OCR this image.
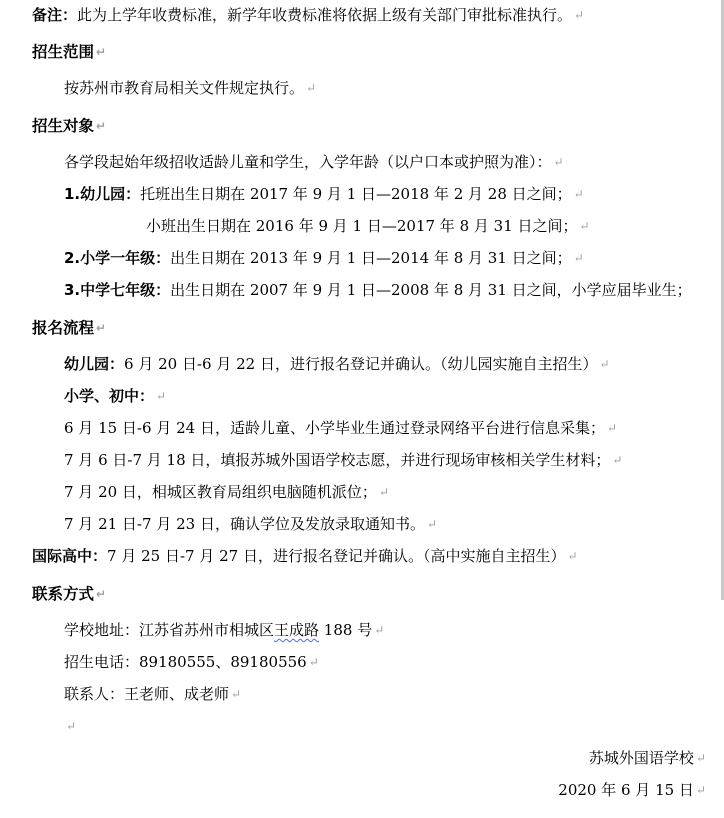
备注：此为上学年收费标准，新学年收费标准将依据上级有关部门审批标准执行。 ↵
招生范围 ↵
按苏州市教育局相关文件规定执行。 ↵
招生对象 ↵
各学段起始年级招收适龄儿童和学生，入学年龄（以户口本或护照为准）： ↵
1.幼儿园：托班出生日期在 2017 年 9 月 1 日—2018 年 2 月 28 日之间； ↵
小班出生日期在 2016 年 9 月 1 日—2017 年 8 月 31 日之间； ↵
2.小学一年级：出生日期在 2013 年 9 月 1 日—2014 年 8 月 31 日之间； ↵
3.中学七年级：出生日期在 2007 年 9 月 1 日—2008 年 8 月 31 日之间，小学应届毕业生；
报名流程 ↵
幼儿园：6 月 20 日-6 月 22 日，进行报名登记并确认。（幼儿园实施自主招生） ↵
小学、初中： ↵
6 月 15 日-6 月 24 日，适龄儿童、小学毕业生通过登录网络平台进行信息采集； ↵
7 月 6 日-7 月 18 日，填报苏城外国语学校志愿，并进行现场审核相关学生材料； ↵
7 月 20 日，相城区教育局组织电脑随机派位； ↵
7 月 21 日-7 月 23 日，确认学位及发放录取通知书。 ↵
国际高中：7 月 25 日-7 月 27 日，进行报名登记并确认。（高中实施自主招生） ↵
联系方式 ↵
学校地址：江苏省苏州市相城区王成路 188 号 ↵
招生电话：89180555、89180556 ↵
联系人：王老师、成老师 ↵
↵
苏城外国语学校 ↵
2020 年 6 月 15 日 ↵
